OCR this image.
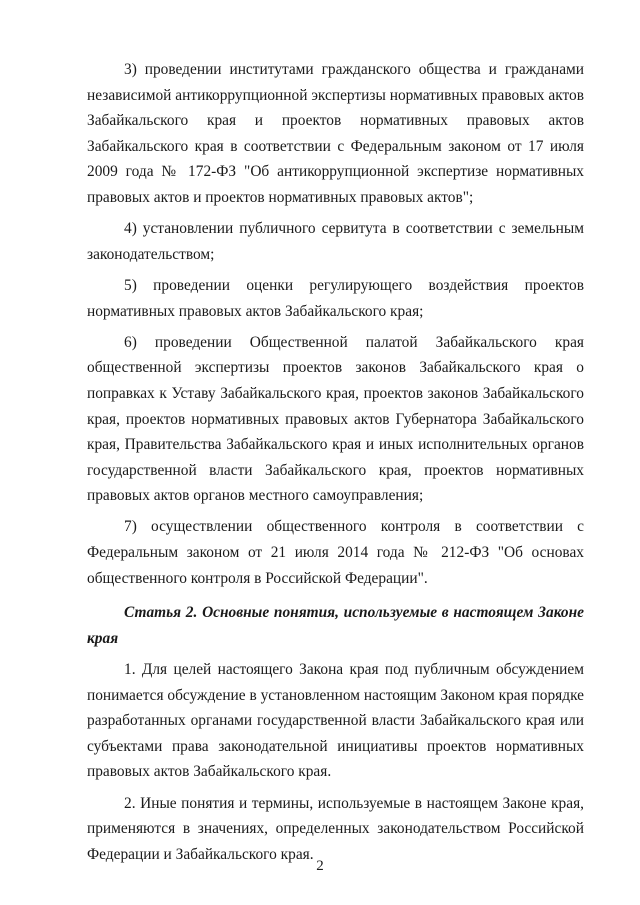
3) проведении институтами гражданского общества и гражданами независимой антикоррупционной экспертизы нормативных правовых актов Забайкальского края и проектов нормативных правовых актов Забайкальского края в соответствии с Федеральным законом от 17 июля 2009 года № 172-ФЗ "Об антикоррупционной экспертизе нормативных правовых актов и проектов нормативных правовых актов";

4) установлении публичного сервитута в соответствии с земельным законодательством;

5) проведении оценки регулирующего воздействия проектов нормативных правовых актов Забайкальского края;

6) проведении Общественной палатой Забайкальского края общественной экспертизы проектов законов Забайкальского края о поправках к Уставу Забайкальского края, проектов законов Забайкальского края, проектов нормативных правовых актов Губернатора Забайкальского края, Правительства Забайкальского края и иных исполнительных органов государственной власти Забайкальского края, проектов нормативных правовых актов органов местного самоуправления;

7) осуществлении общественного контроля в соответствии с Федеральным законом от 21 июля 2014 года № 212-ФЗ "Об основах общественного контроля в Российской Федерации".

Статья 2. Основные понятия, используемые в настоящем Законе края

1. Для целей настоящего Закона края под публичным обсуждением понимается обсуждение в установленном настоящим Законом края порядке разработанных органами государственной власти Забайкальского края или субъектами права законодательной инициативы проектов нормативных правовых актов Забайкальского края.

2. Иные понятия и термины, используемые в настоящем Законе края, применяются в значениях, определенных законодательством Российской Федерации и Забайкальского края.

2
